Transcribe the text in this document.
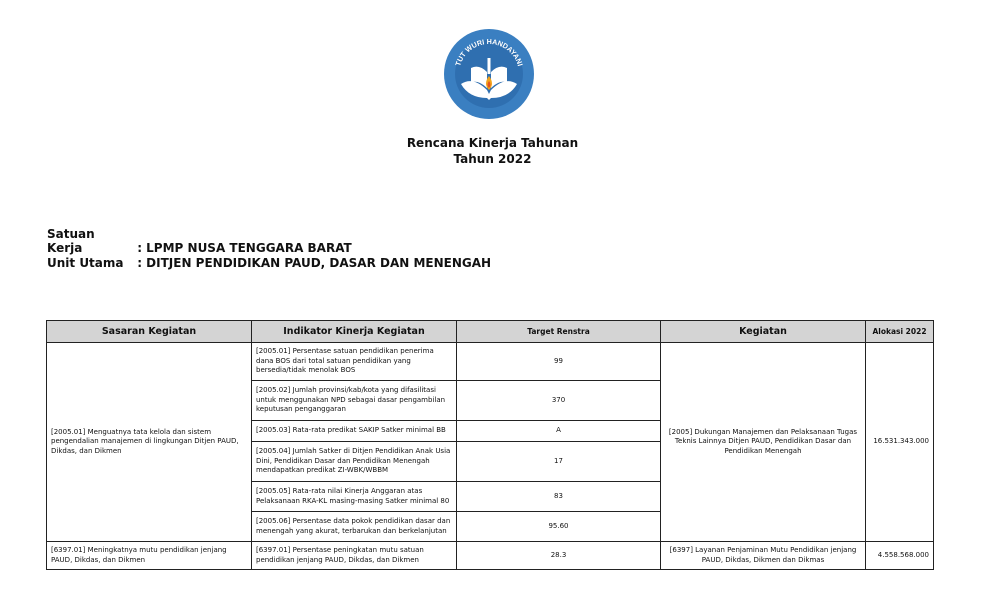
TUT WURI HANDAYANI
Rencana Kinerja Tahunan
Tahun 2022
Satuan Kerja	: LPMP NUSA TENGGARA BARAT
Unit Utama : DITJEN PENDIDIKAN PAUD, DASAR DAN MENENGAH
Sasaran Kegiatan	Indikator Kinerja Kegiatan	Target Renstra	Kegiatan	Alokasi 2022
[2005.01] Menguatnya tata kelola dan sistem pengendalian manajemen di lingkungan Ditjen PAUD, Dikdas, dan Dikmen	[2005.01] Persentase satuan pendidikan penerima dana BOS dari total satuan pendidikan yang bersedia/tidak menolak BOS	99	[2005] Dukungan Manajemen dan Pelaksanaan Tugas Teknis Lainnya Ditjen PAUD, Pendidikan Dasar dan Pendidikan Menengah	16.531.343.000
	[2005.02] Jumlah provinsi/kab/kota yang difasilitasi untuk menggunakan NPD sebagai dasar pengambilan keputusan penganggaran	370		
	[2005.03] Rata-rata predikat SAKIP Satker minimal BB	A		
	[2005.04] Jumlah Satker di Ditjen Pendidikan Anak Usia Dini, Pendidikan Dasar dan Pendidikan Menengah mendapatkan predikat ZI-WBK/WBBM	17		
	[2005.05] Rata-rata nilai Kinerja Anggaran atas Pelaksanaan RKA-KL masing-masing Satker minimal 80	83		
	[2005.06] Persentase data pokok pendidikan dasar dan menengah yang akurat, terbarukan dan berkelanjutan	95.60		
[6397.01] Meningkatnya mutu pendidikan jenjang PAUD, Dikdas, dan Dikmen	[6397.01] Persentase peningkatan mutu satuan pendidikan jenjang PAUD, Dikdas, dan Dikmen	28.3	[6397] Layanan Penjaminan Mutu Pendidikan jenjang PAUD, Dikdas, Dikmen dan Dikmas	4.558.568.000
